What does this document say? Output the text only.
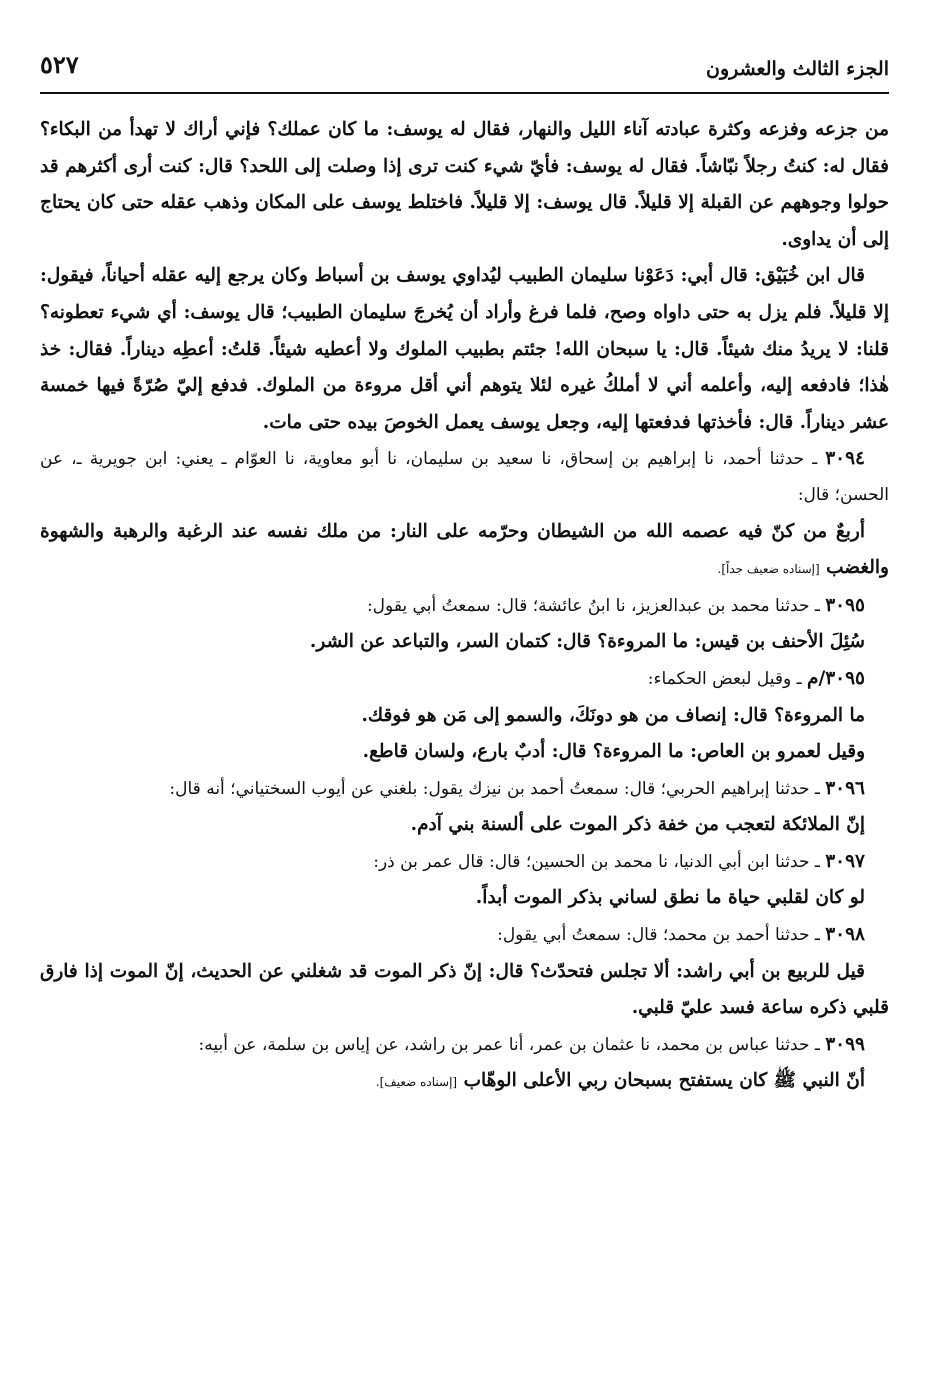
الجزء الثالث والعشرون
٥٢٧

من جزعه وفزعه وكثرة عبادته آناء الليل والنهار، فقال له يوسف: ما كان عملك؟ فإني أراك لا تهدأ من البكاء؟ فقال له: كنتُ رجلاً نبّاشاً. فقال له يوسف: فأيّ شيء كنت ترى إذا وصلت إلى اللحد؟ قال: كنت أرى أكثرهم قد حولوا وجوههم عن القبلة إلا قليلاً. قال يوسف: إلا قليلاً. فاختلط يوسف على المكان وذهب عقله حتى كان يحتاج إلى أن يداوى.

قال ابن خُبَيْق: قال أبي: دَعَوْنا سليمان الطبيب ليُداوي يوسف بن أسباط وكان يرجع إليه عقله أحياناً، فيقول: إلا قليلاً. فلم يزل به حتى داواه وصح، فلما فرغ وأراد أن يُخرجَ سليمان الطبيب؛ قال يوسف: أي شيء تعطونه؟ قلنا: لا يريدُ منك شيئاً. قال: يا سبحان الله! جئتم بطبيب الملوك ولا أعطيه شيئاً. قلتُ: أعطِه ديناراً. فقال: خذ هٰذا؛ فادفعه إليه، وأعلمه أني لا أملكُ غيره لئلا يتوهم أني أقل مروءة من الملوك. فدفع إليّ صُرّةً فيها خمسة عشر ديناراً. قال: فأخذتها فدفعتها إليه، وجعل يوسف يعمل الخوصَ بيده حتى مات.

٣٠٩٤ ـ حدثنا أحمد، نا إبراهيم بن إسحاق، نا سعيد بن سليمان، نا أبو معاوية، نا العوّام ـ يعني: ابن جويرية ـ، عن الحسن؛ قال:

أربعٌ من كنّ فيه عصمه الله من الشيطان وحرّمه على النار: من ملك نفسه عند الرغبة والرهبة والشهوة والغضب [إسناده ضعيف جداً].

٣٠٩٥ ـ حدثنا محمد بن عبدالعزيز، نا ابنُ عائشة؛ قال: سمعتُ أبي يقول:

سُئِلَ الأحنف بن قيس: ما المروءة؟ قال: كتمان السر، والتباعد عن الشر.

٣٠٩٥/م ـ وقيل لبعض الحكماء:

ما المروءة؟ قال: إنصاف من هو دونَكَ، والسمو إلى مَن هو فوقك.

وقيل لعمرو بن العاص: ما المروءة؟ قال: أدبٌ بارع، ولسان قاطع.

٣٠٩٦ ـ حدثنا إبراهيم الحربي؛ قال: سمعتُ أحمد بن نيزك يقول: بلغني عن أيوب السختياني؛ أنه قال:

إنّ الملائكة لتعجب من خفة ذكر الموت على ألسنة بني آدم.

٣٠٩٧ ـ حدثنا ابن أبي الدنيا، نا محمد بن الحسين؛ قال: قال عمر بن ذر:

لو كان لقلبي حياة ما نطق لساني بذكر الموت أبداً.

٣٠٩٨ ـ حدثنا أحمد بن محمد؛ قال: سمعتُ أبي يقول:

قيل للربيع بن أبي راشد: ألا تجلس فتحدّث؟ قال: إنّ ذكر الموت قد شغلني عن الحديث، إنّ الموت إذا فارق قلبي ذكره ساعة فسد عليّ قلبي.

٣٠٩٩ ـ حدثنا عباس بن محمد، نا عثمان بن عمر، أنا عمر بن راشد، عن إياس بن سلمة، عن أبيه:

أنّ النبي ﷺ كان يستفتح بسبحان ربي الأعلى الوهّاب [إسناده ضعيف].
